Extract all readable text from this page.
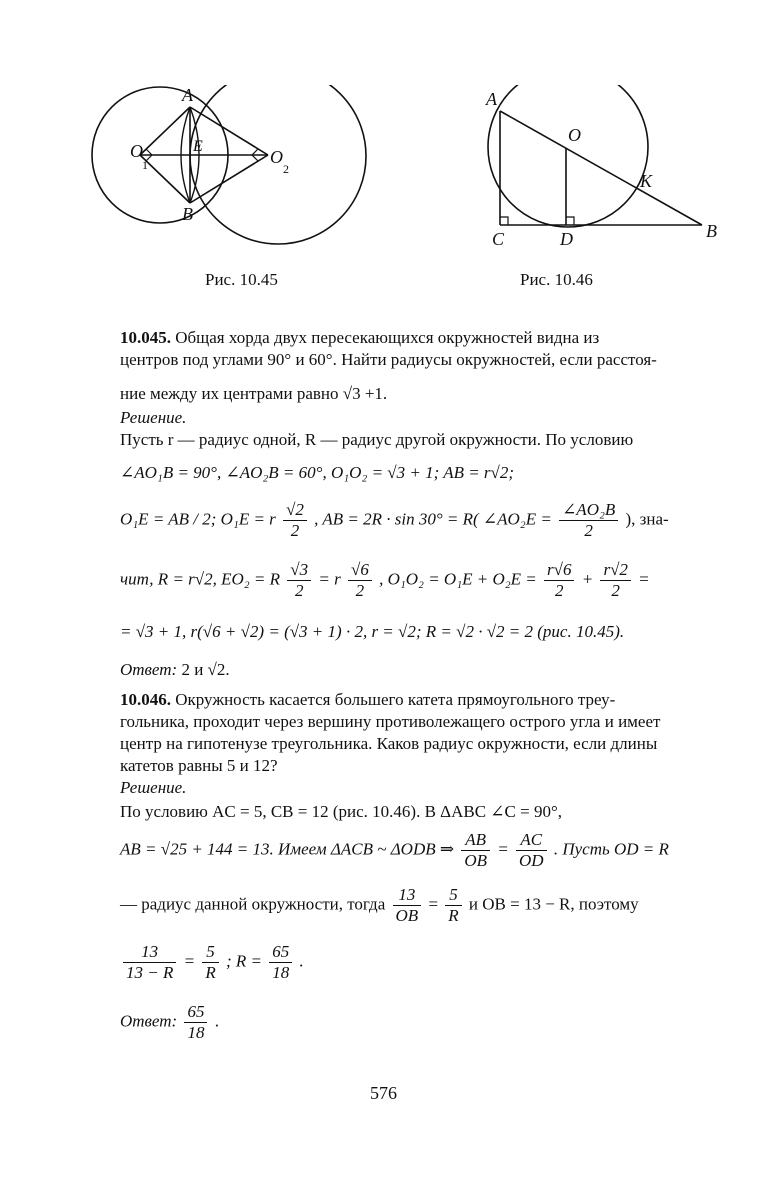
A
B
E
O
1	O
2
Рис. 10.45
A
O
K
C	D	B
Рис. 10.46
10.045. Общая хорда двух пересекающихся окружностей видна из
центров под углами 90° и 60°. Найти радиусы окружностей, если расстоя-
ние между их центрами равно √3 +1.
Решение.
Пусть r — радиус одной, R — радиус другой окружности. По условию
∠AO₁B = 90°, ∠AO₂B = 60°, O₁O₂ = √3 + 1; AB = r√2;
O₁E = AB / 2; O₁E = r $\frac{√2}{2}$ , AB = 2R · sin 30° = R( ∠AO₂E = $\frac{\text{∠AO₂B}}{2}$ ), зна-
чит, R = r√2, EO₂ = R $\frac{√3}{2} = r \frac{√6}{2}$ , $O_1O_2 = O_1E + O_2E = \frac{r√6}{2} + \frac{r√2}{2}$ =
= √3 + 1, r(√6 + √2) = (√3 + 1) · 2, r = √2; R = √2 · √2 = 2 (рис. 10.45).
Ответ: 2 и √2.
10.046. Окружность касается большего катета прямоугольного треу-
гольника, проходит через вершину противолежащего острого угла и имеет
центр на гипотенузе треугольника. Каков радиус окружности, если длины
катетов равны 5 и 12?
Решение.
По условию AC = 5, CB = 12 (рис. 10.46). В ΔABC ∠C = 90°,
AB = √25 + 144 = 13. Имеем ΔACB ~ ΔODB ⇒ $\frac{AB}{OB} = \frac{AC}{OD}$ . Пусть OD = R
— радиус данной окружности, тогда $\frac{13}{OB} = \frac{5}{R}$ и OB = 13 − R, поэтому
$\frac{13}{13 - R} = \frac{5}{R}$ ; $R = \frac{65}{18}$ .
Ответ: $\frac{65}{18}$ .
576
